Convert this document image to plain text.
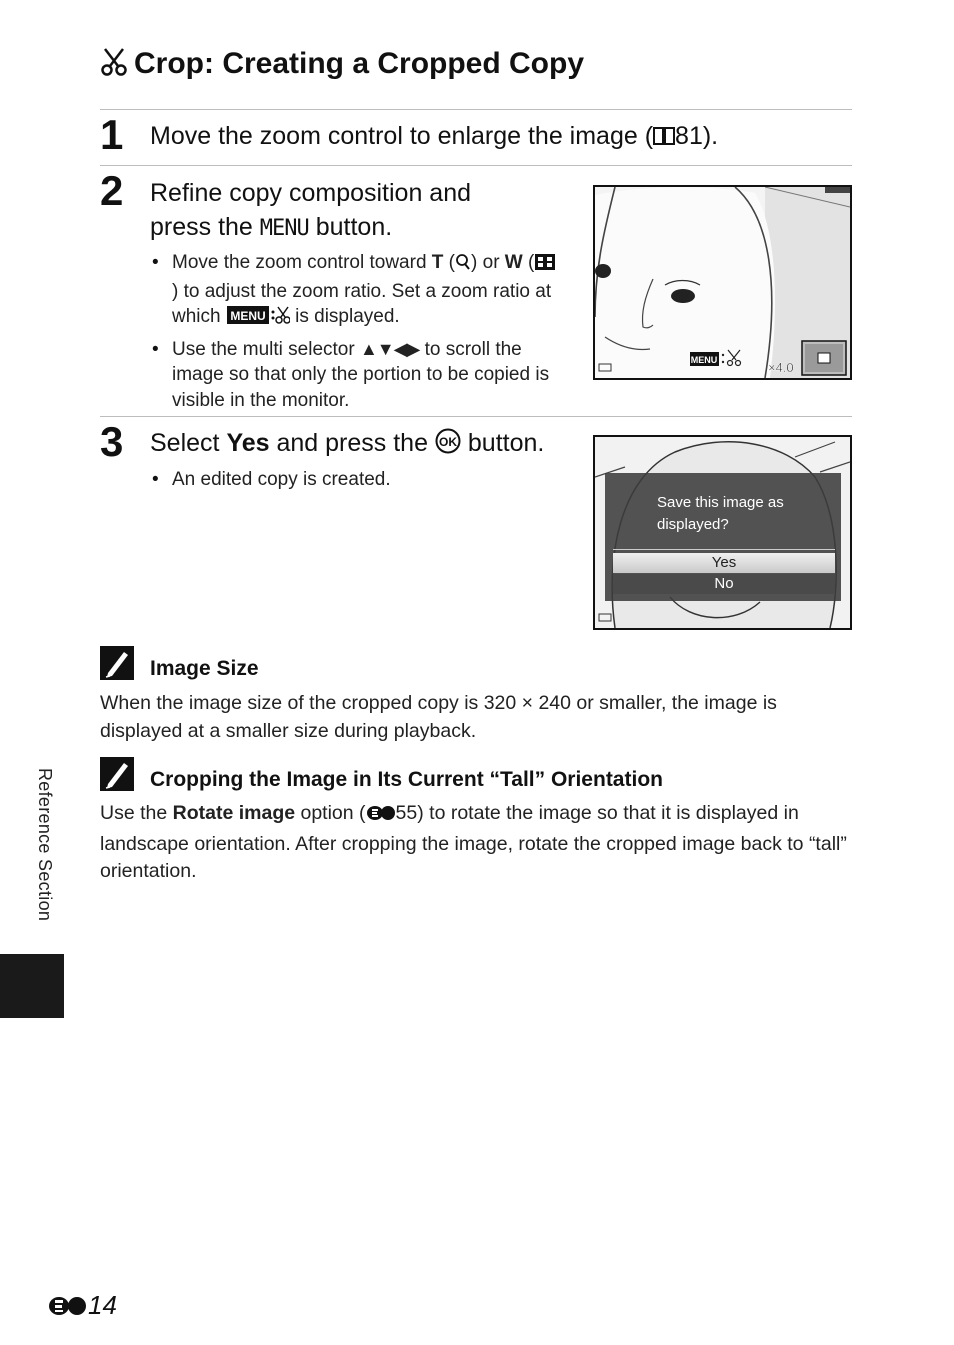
Crop: Creating a Cropped Copy
1 Move the zoom control to enlarge the image ( 81).
2 Refine copy composition and
press the MENU button.
• Move the zoom control toward T ( ) or W () to adjust the zoom ratio. Set a zoom ratio at which MENU is displayed.
• Use the multi selector ▲▼◀▶ to scroll the image so that only the portion to be copied is visible in the monitor.
MENU	×4.0
3 Select Yes and press the OK button.
• An edited copy is created.
Save this image as
displayed?
Yes
No
Image Size
When the image size of the cropped copy is 320 × 240 or smaller, the image is displayed at a smaller size during playback.
Cropping the Image in Its Current “Tall” Orientation
Use the Rotate image option ( 55) to rotate the image so that it is displayed in landscape orientation. After cropping the image, rotate the cropped image back to “tall” orientation.
Reference Section
14
